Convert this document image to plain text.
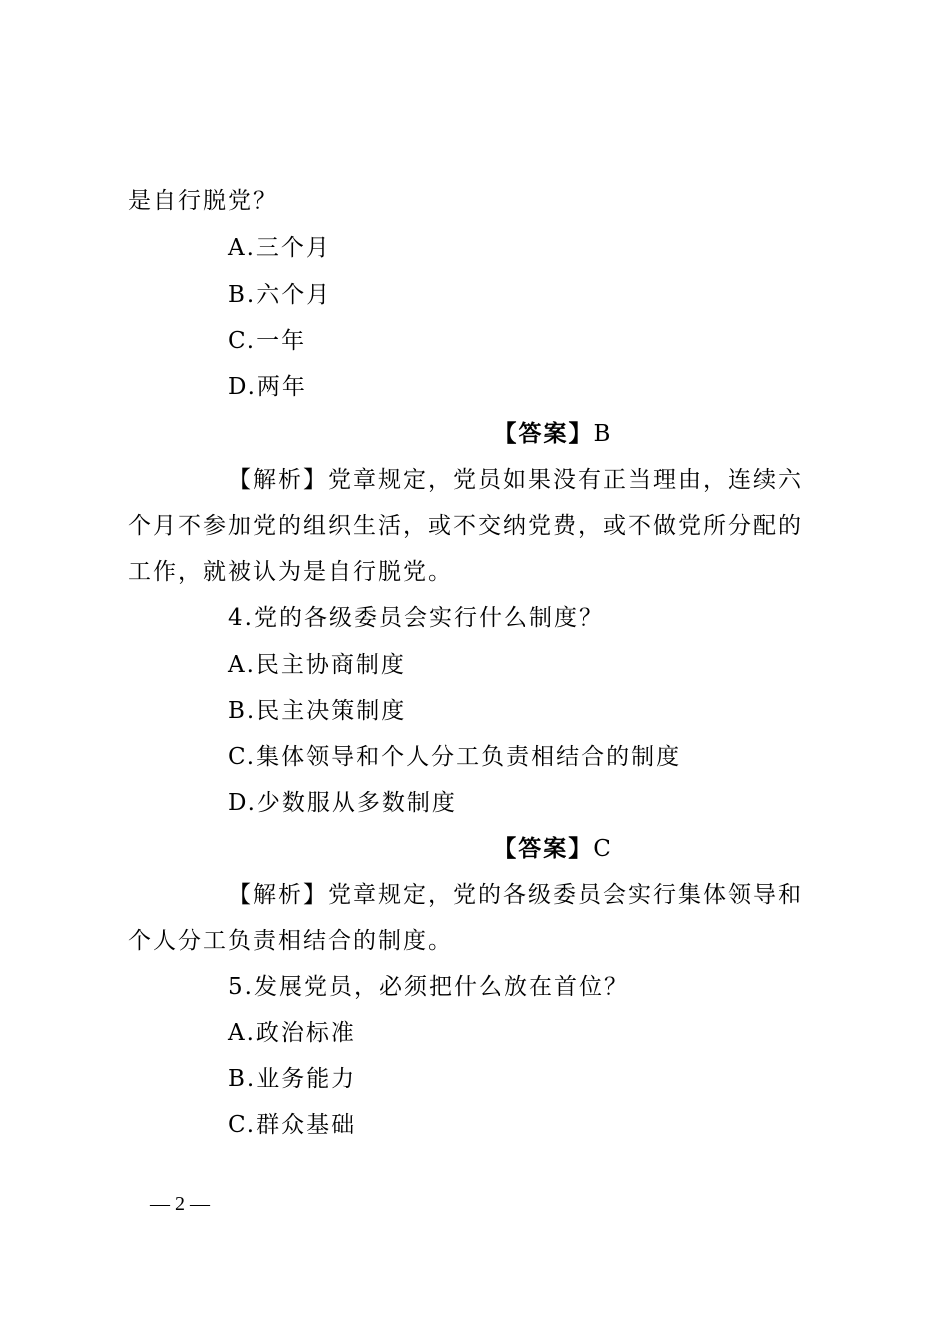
是自行脱党？
A.三个月
B.六个月
C.一年
D.两年
【答案】B
【解析】党章规定，党员如果没有正当理由，连续六
个月不参加党的组织生活，或不交纳党费，或不做党所分配的
工作，就被认为是自行脱党。
4.党的各级委员会实行什么制度？
A.民主协商制度
B.民主决策制度
C.集体领导和个人分工负责相结合的制度
D.少数服从多数制度
【答案】C
【解析】党章规定，党的各级委员会实行集体领导和
个人分工负责相结合的制度。
5.发展党员，必须把什么放在首位？
A.政治标准
B.业务能力
C.群众基础
— 2 —
